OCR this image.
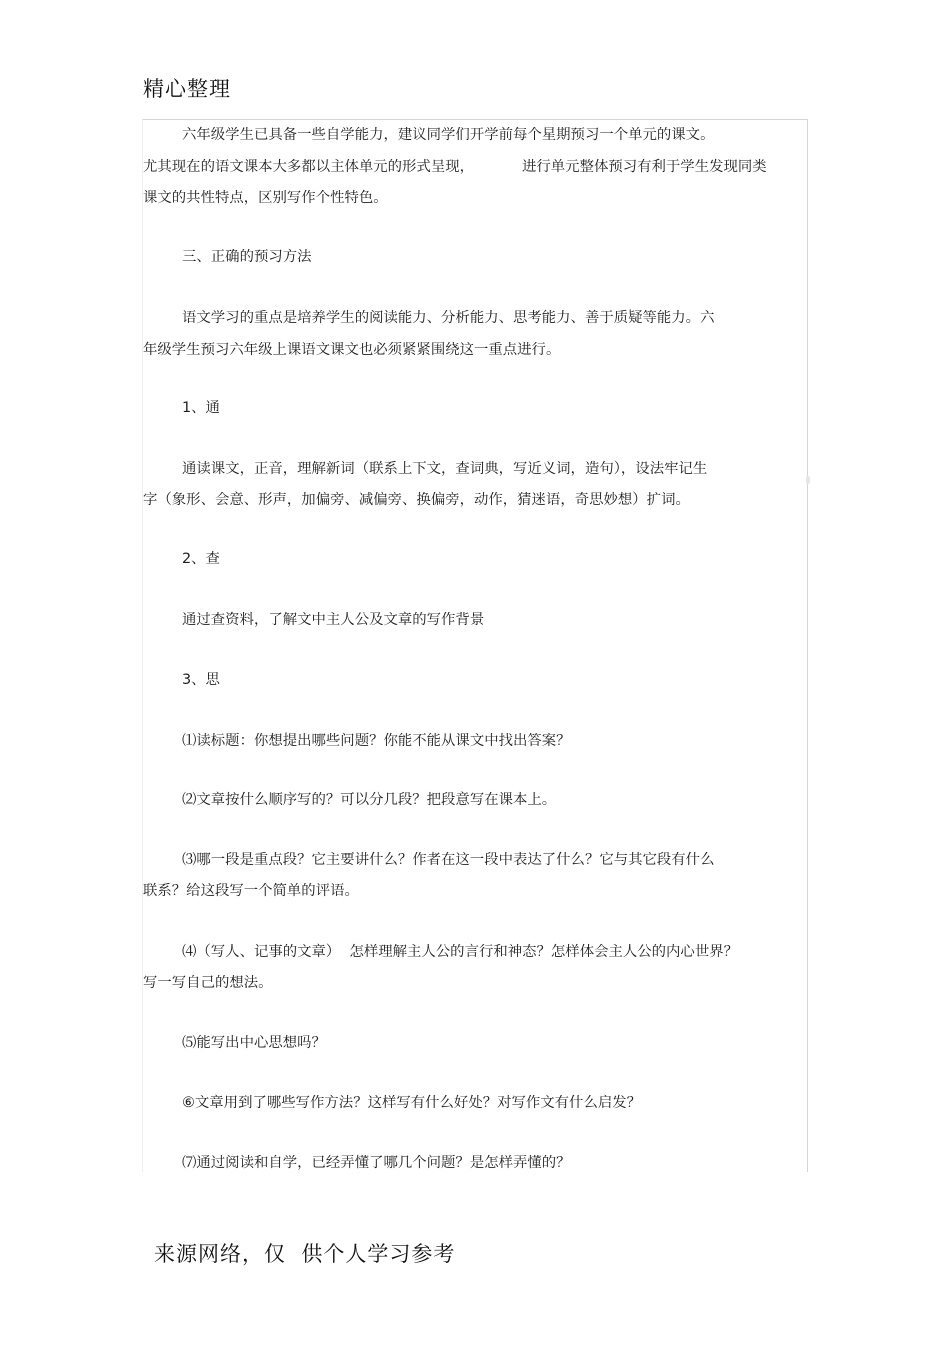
精心整理
六年级学生已具备一些自学能力，建议同学们开学前每个星期预习一个单元的课文。
尤其现在的语文课本大多都以主体单元的形式呈现，	进行单元整体预习有利于学生发现同类
课文的共性特点，区别写作个性特色。
三、正确的预习方法
语文学习的重点是培养学生的阅读能力、分析能力、思考能力、善于质疑等能力。六
年级学生预习六年级上课语文课文也必须紧紧围绕这一重点进行。
1、通
通读课文，正音，理解新词（联系上下文，查词典，写近义词，造句），设法牢记生
字（象形、会意、形声，加偏旁、减偏旁、换偏旁，动作，猜迷语，奇思妙想）扩词。
2、查
通过查资料，了解文中主人公及文章的写作背景
3、思
⑴读标题：你想提出哪些问题？你能不能从课文中找出答案？
⑵文章按什么顺序写的？可以分几段？把段意写在课本上。
⑶哪一段是重点段？它主要讲什么？作者在这一段中表达了什么？它与其它段有什么
联系？给这段写一个简单的评语。
⑷（写人、记事的文章）  怎样理解主人公的言行和神态？怎样体会主人公的内心世界？
写一写自己的想法。
⑸能写出中心思想吗？
⑥文章用到了哪些写作方法？这样写有什么好处？对写作文有什么启发？
⑺通过阅读和自学，已经弄懂了哪几个问题？是怎样弄懂的？
来源网络，仅  供个人学习参考
